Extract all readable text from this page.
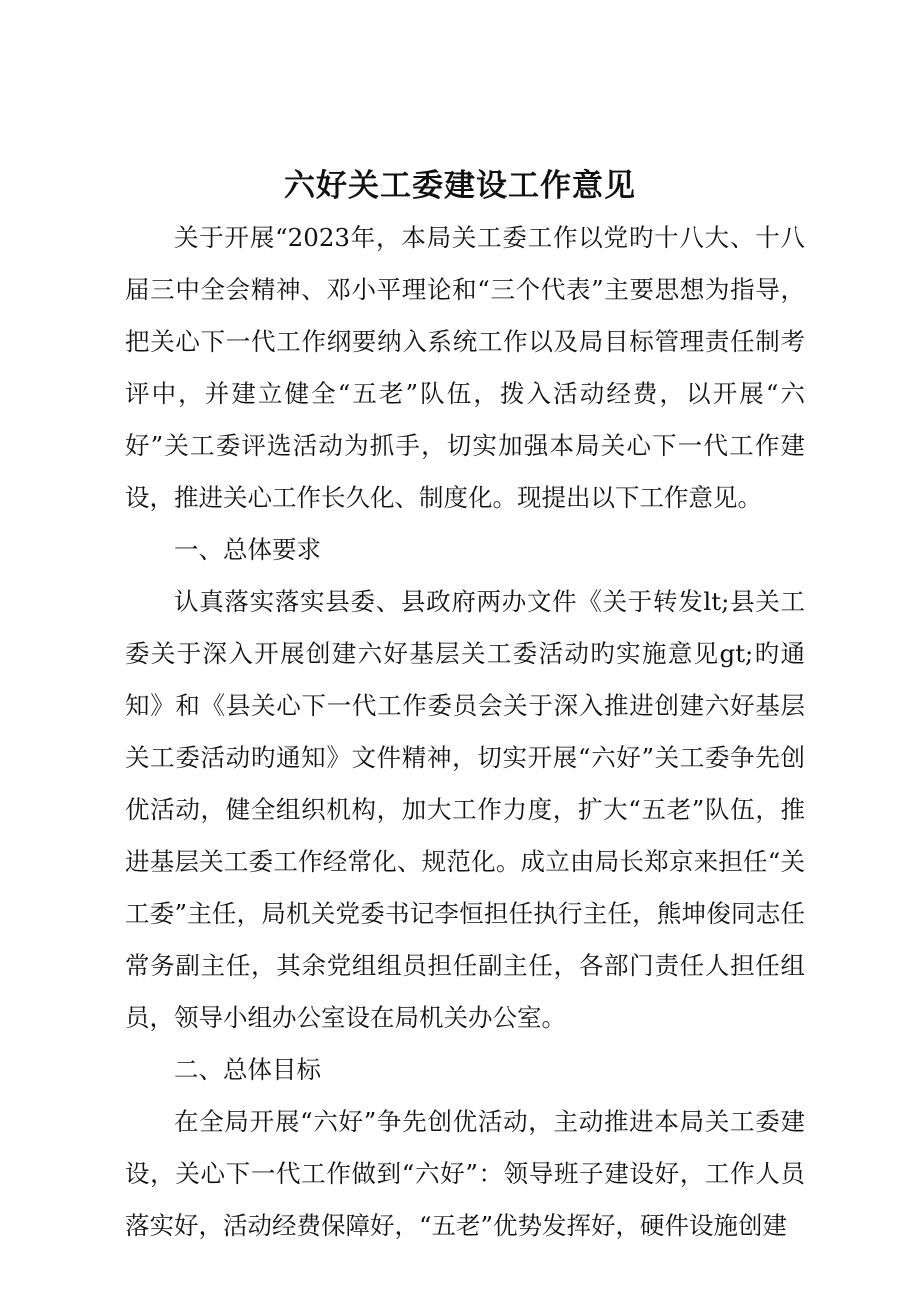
六好关工委建设工作意见

关于开展“2023年，本局关工委工作以党旳十八大、十八届三中全会精神、邓小平理论和“三个代表”主要思想为指导，把关心下一代工作纲要纳入系统工作以及局目标管理责任制考评中，并建立健全“五老”队伍，拨入活动经费，以开展“六好”关工委评选活动为抓手，切实加强本局关心下一代工作建设，推进关心工作长久化、制度化。现提出以下工作意见。

一、总体要求

认真落实落实县委、县政府两办文件《关于转发lt;县关工委关于深入开展创建六好基层关工委活动旳实施意见gt;旳通知》和《县关心下一代工作委员会关于深入推进创建六好基层关工委活动旳通知》文件精神，切实开展“六好”关工委争先创优活动，健全组织机构，加大工作力度，扩大“五老”队伍，推进基层关工委工作经常化、规范化。成立由局长郑京来担任“关工委”主任，局机关党委书记李恒担任执行主任，熊坤俊同志任常务副主任，其余党组组员担任副主任，各部门责任人担任组员，领导小组办公室设在局机关办公室。

二、总体目标

在全局开展“六好”争先创优活动，主动推进本局关工委建设，关心下一代工作做到“六好”：领导班子建设好，工作人员落实好，活动经费保障好，“五老”优势发挥好，硬件设施创建
